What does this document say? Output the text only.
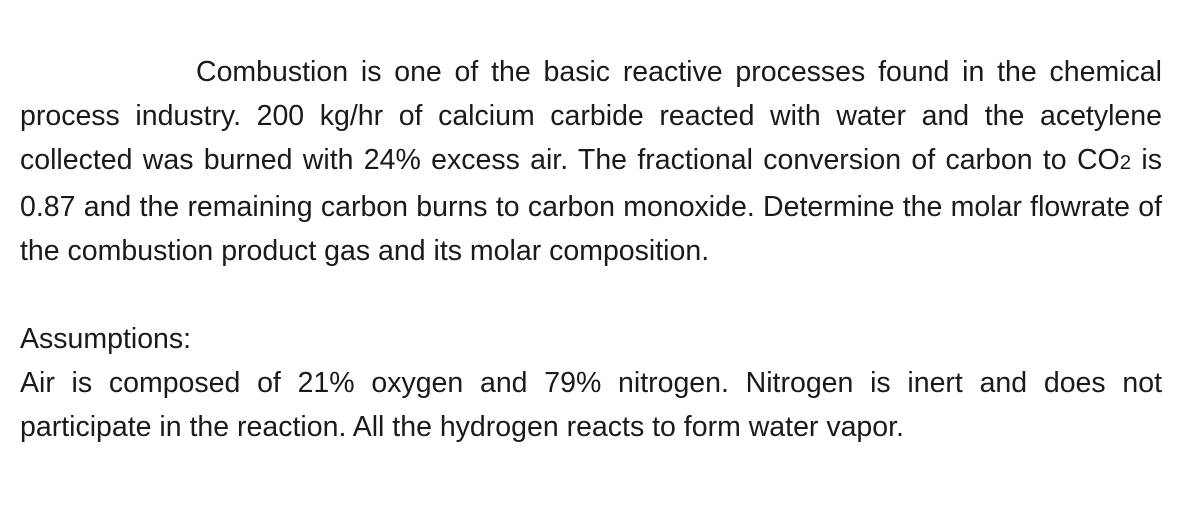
Combustion is one of the basic reactive processes found in the chemical process industry. 200 kg/hr of calcium carbide reacted with water and the acetylene collected was burned with 24% excess air. The fractional conversion of carbon to CO2 is 0.87 and the remaining carbon burns to carbon monoxide. Determine the molar flowrate of the combustion product gas and its molar composition.

Assumptions:

Air is composed of 21% oxygen and 79% nitrogen. Nitrogen is inert and does not participate in the reaction. All the hydrogen reacts to form water vapor.
